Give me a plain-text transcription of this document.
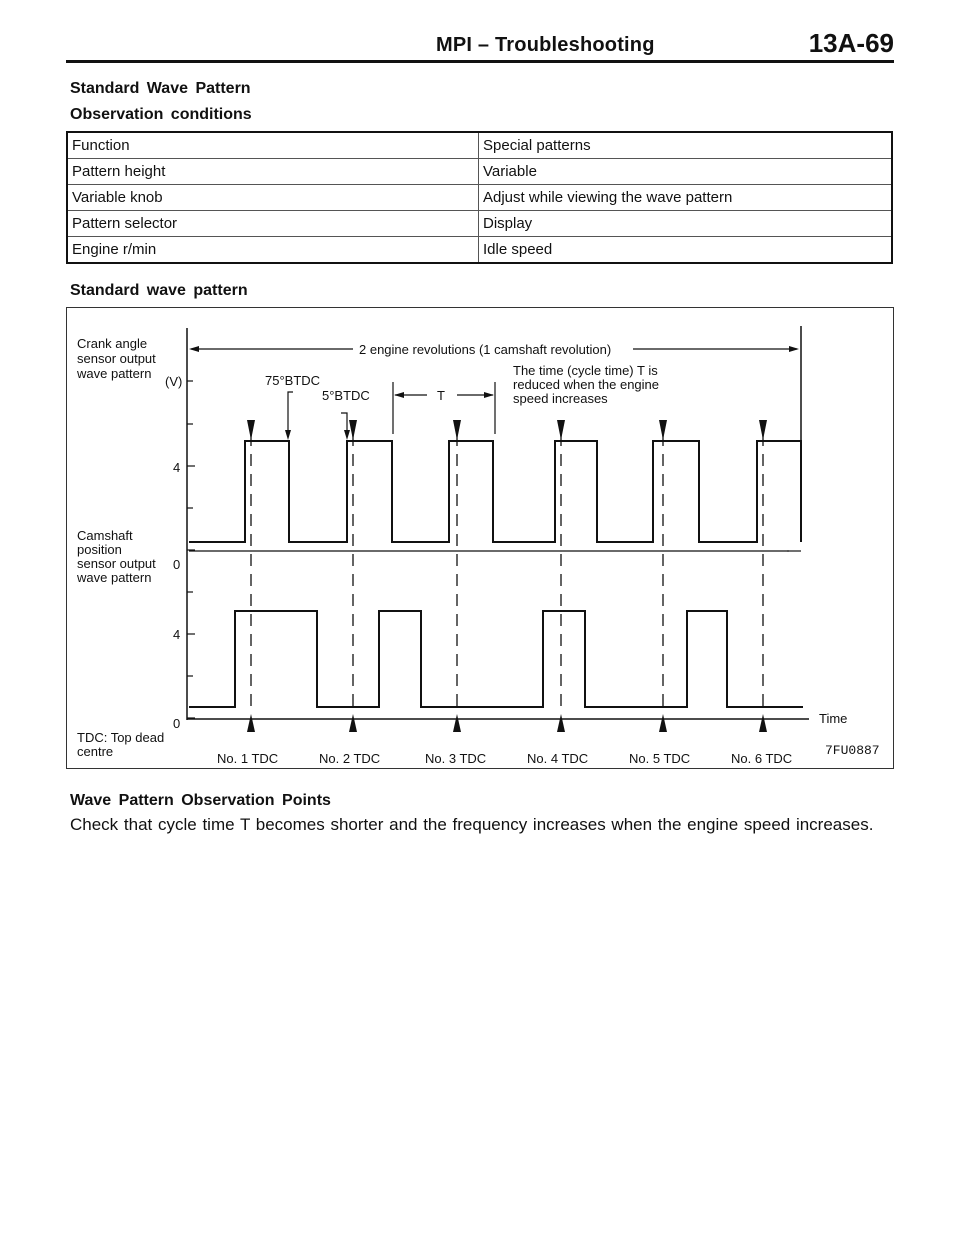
MPI – Troubleshooting	13A-69
Standard Wave Pattern
Observation conditions
Function	Special patterns
Pattern height	Variable
Variable knob	Adjust while viewing the wave pattern
Pattern selector	Display
Engine r/min	Idle speed
Standard wave pattern
2 engine revolutions (1 camshaft revolution)
Crank angle
sensor output
wave pattern
(V)
4
0
4
0
Camshaft
position
sensor output
wave pattern
TDC: Top dead
centre
75°BTDC
5°BTDC	T
The time (cycle time) T is
reduced when the engine
speed increases
Time
No. 1 TDC	No. 2 TDC	No. 3 TDC	No. 4 TDC	No. 5 TDC	No. 6 TDC
7FU0887
Wave Pattern Observation Points
Check that cycle time T becomes shorter and the frequency increases when the engine speed increases.
